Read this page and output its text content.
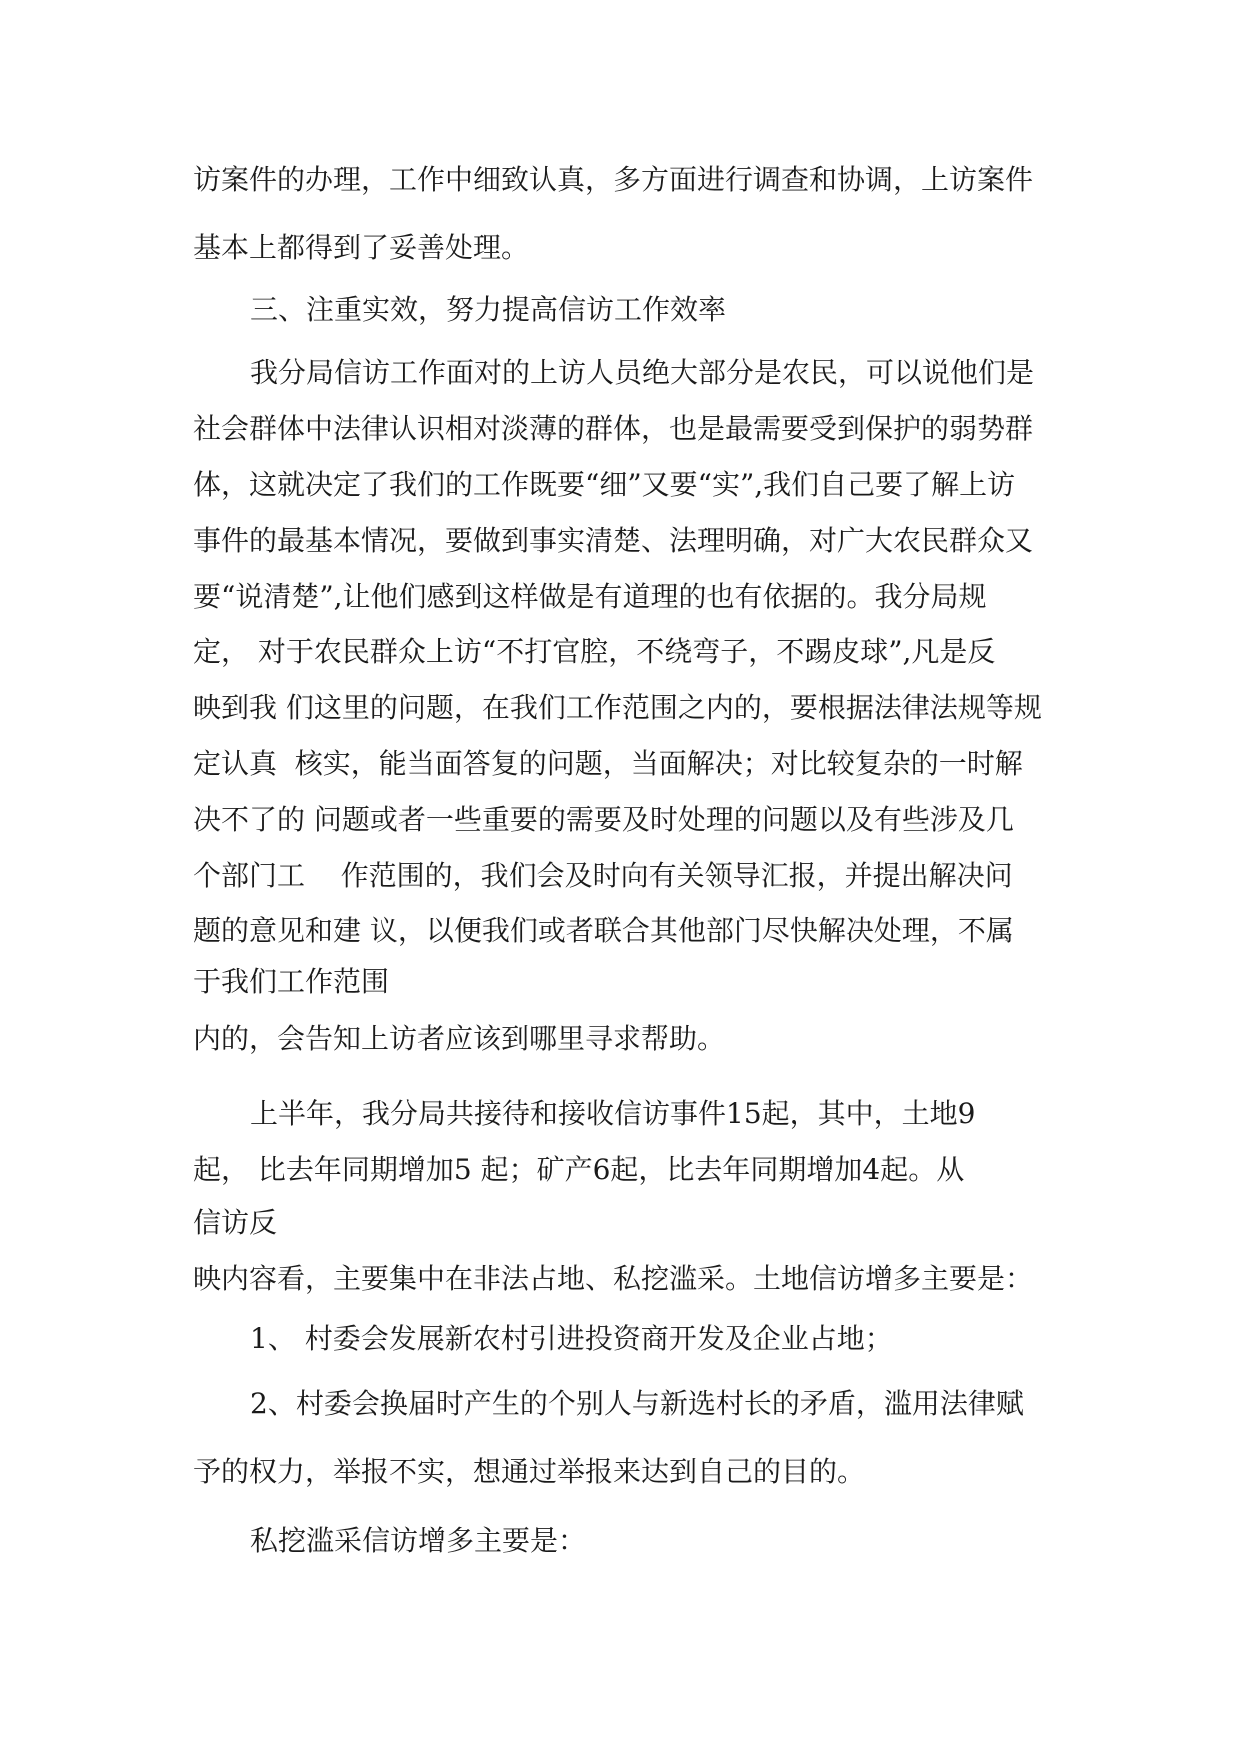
访案件的办理，工作中细致认真，多方面进行调查和协调，上访案件
基本上都得到了妥善处理。
三、注重实效，努力提高信访工作效率
我分局信访工作面对的上访人员绝大部分是农民，可以说他们是
社会群体中法律认识相对淡薄的群体，也是最需要受到保护的弱势群
体，这就决定了我们的工作既要“细”又要“实”,我们自己要了解上访
事件的最基本情况，要做到事实清楚、法理明确，对广大农民群众又
要“说清楚”,让他们感到这样做是有道理的也有依据的。我分局规
定， 对于农民群众上访“不打官腔，不绕弯子，不踢皮球”,凡是反
映到我 们这里的问题，在我们工作范围之内的，要根据法律法规等规
定认真  核实，能当面答复的问题，当面解决；对比较复杂的一时解
决不了的 问题或者一些重要的需要及时处理的问题以及有些涉及几
个部门工    作范围的，我们会及时向有关领导汇报，并提出解决问
题的意见和建 议，以便我们或者联合其他部门尽快解决处理，不属
于我们工作范围
内的，会告知上访者应该到哪里寻求帮助。
上半年，我分局共接待和接收信访事件15起，其中，土地9
起， 比去年同期增加5 起；矿产6起，比去年同期增加4起。从
信访反
映内容看，主要集中在非法占地、私挖滥采。土地信访增多主要是：
1、 村委会发展新农村引进投资商开发及企业占地；
2、村委会换届时产生的个别人与新选村长的矛盾，滥用法律赋
予的权力，举报不实，想通过举报来达到自己的目的。
私挖滥采信访增多主要是：
